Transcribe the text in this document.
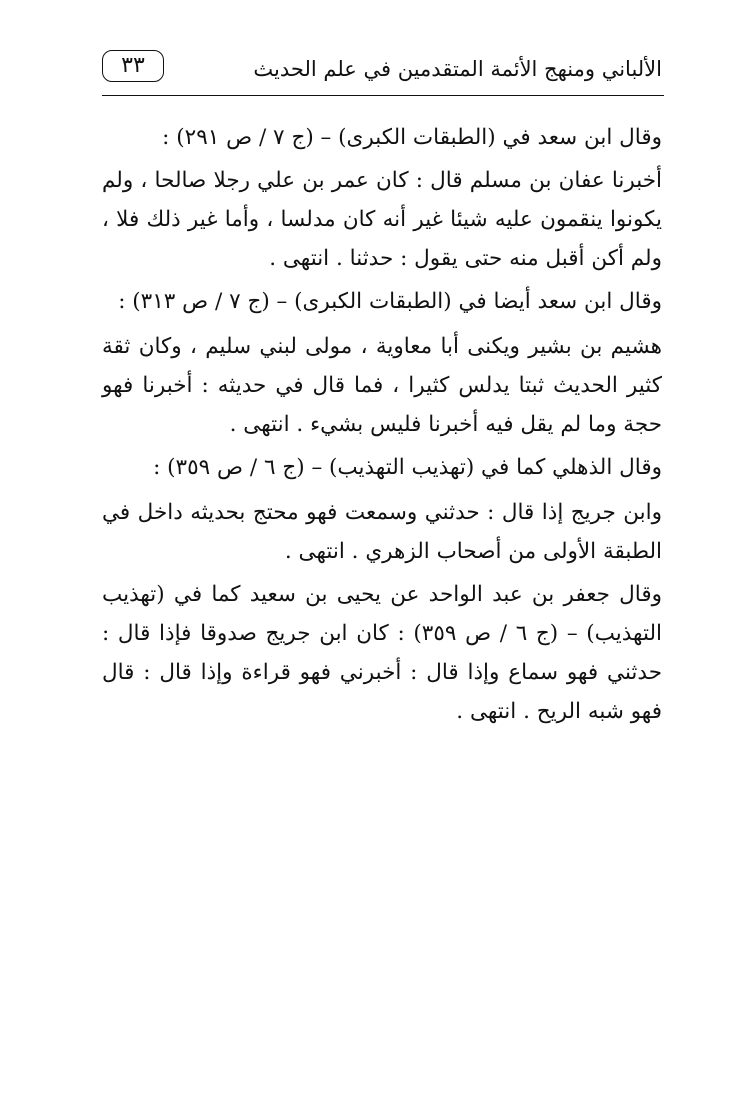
الألباني ومنهج الأئمة المتقدمين في علم الحديث
٣٣

وقال ابن سعد في (الطبقات الكبرى) – (ج ٧ / ص ٢٩١) :

أخبرنا عفان بن مسلم قال : كان عمر بن علي رجلا صالحا ، ولم يكونوا ينقمون عليه شيئا غير أنه كان مدلسا ، وأما غير ذلك فلا ، ولم أكن أقبل منه حتى يقول : حدثنا . انتهى .

وقال ابن سعد أيضا في (الطبقات الكبرى) – (ج ٧ / ص ٣١٣) :

هشيم بن بشير ويكنى أبا معاوية ، مولى لبني سليم ، وكان ثقة كثير الحديث ثبتا يدلس كثيرا ، فما قال في حديثه : أخبرنا فهو حجة وما لم يقل فيه أخبرنا فليس بشيء . انتهى .

وقال الذهلي كما في (تهذيب التهذيب) – (ج ٦ / ص ٣٥٩) :

وابن جريج إذا قال : حدثني وسمعت فهو محتج بحديثه داخل في الطبقة الأولى من أصحاب الزهري . انتهى .

وقال جعفر بن عبد الواحد عن يحيى بن سعيد كما في (تهذيب التهذيب) – (ج ٦ / ص ٣٥٩) : كان ابن جريج صدوقا فإذا قال : حدثني فهو سماع وإذا قال : أخبرني فهو قراءة وإذا قال : قال فهو شبه الريح . انتهى .
